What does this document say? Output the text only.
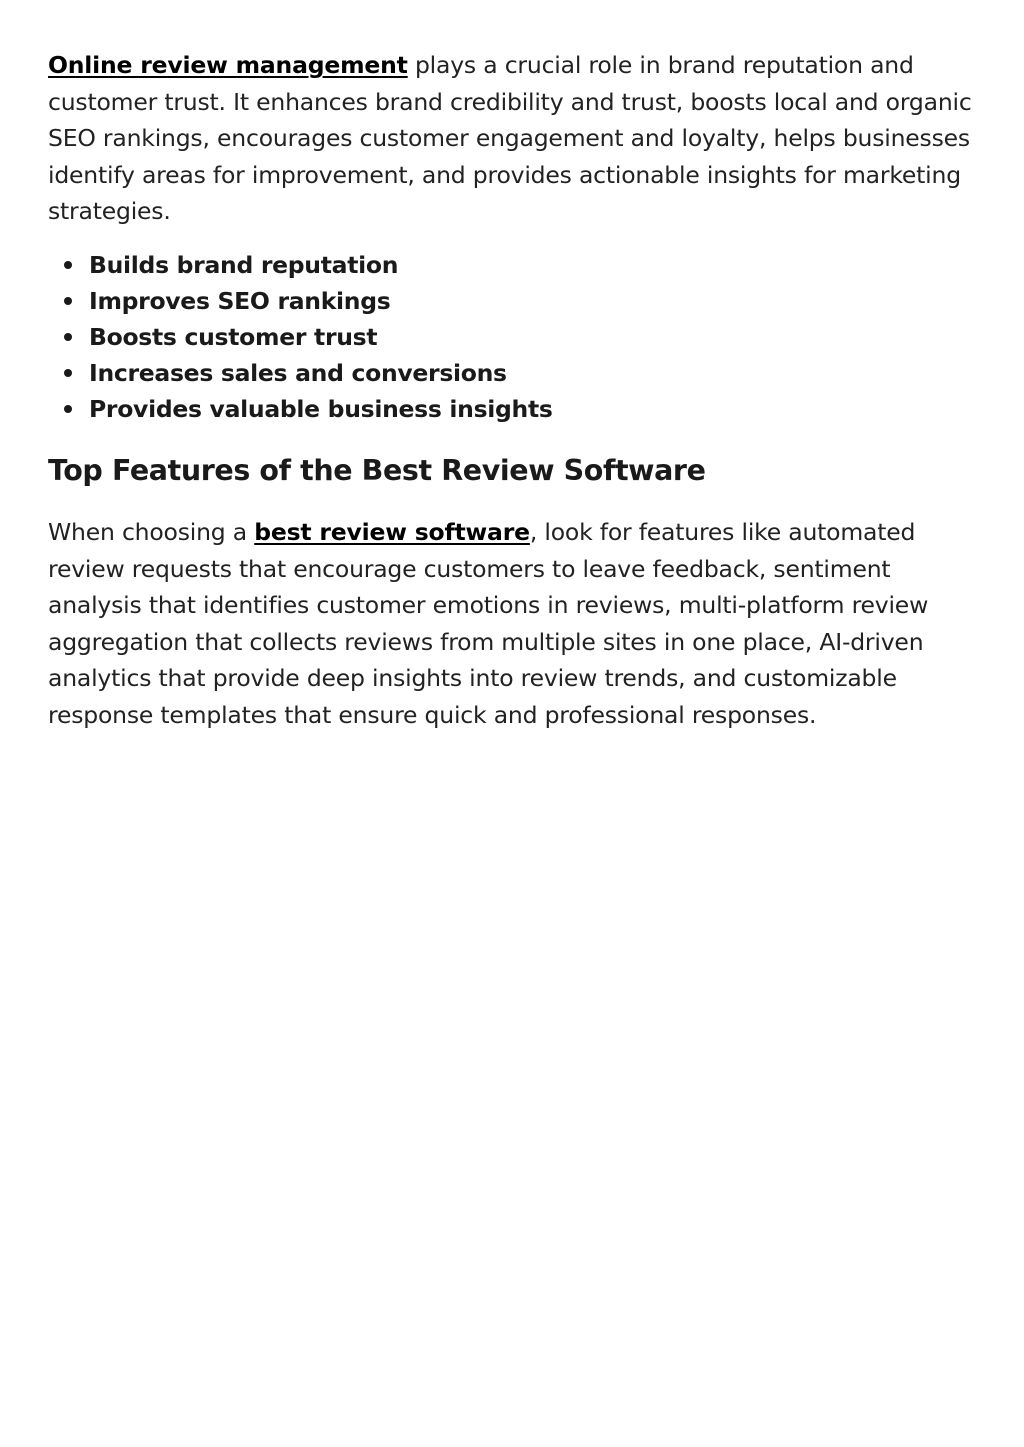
Online review management plays a crucial role in brand reputation and customer trust. It enhances brand credibility and trust, boosts local and organic SEO rankings, encourages customer engagement and loyalty, helps businesses identify areas for improvement, and provides actionable insights for marketing strategies.

Builds brand reputation
Improves SEO rankings
Boosts customer trust
Increases sales and conversions
Provides valuable business insights
Top Features of the Best Review Software

When choosing a best review software, look for features like automated review requests that encourage customers to leave feedback, sentiment analysis that identifies customer emotions in reviews, multi-platform review aggregation that collects reviews from multiple sites in one place, AI-driven analytics that provide deep insights into review trends, and customizable response templates that ensure quick and professional responses.
